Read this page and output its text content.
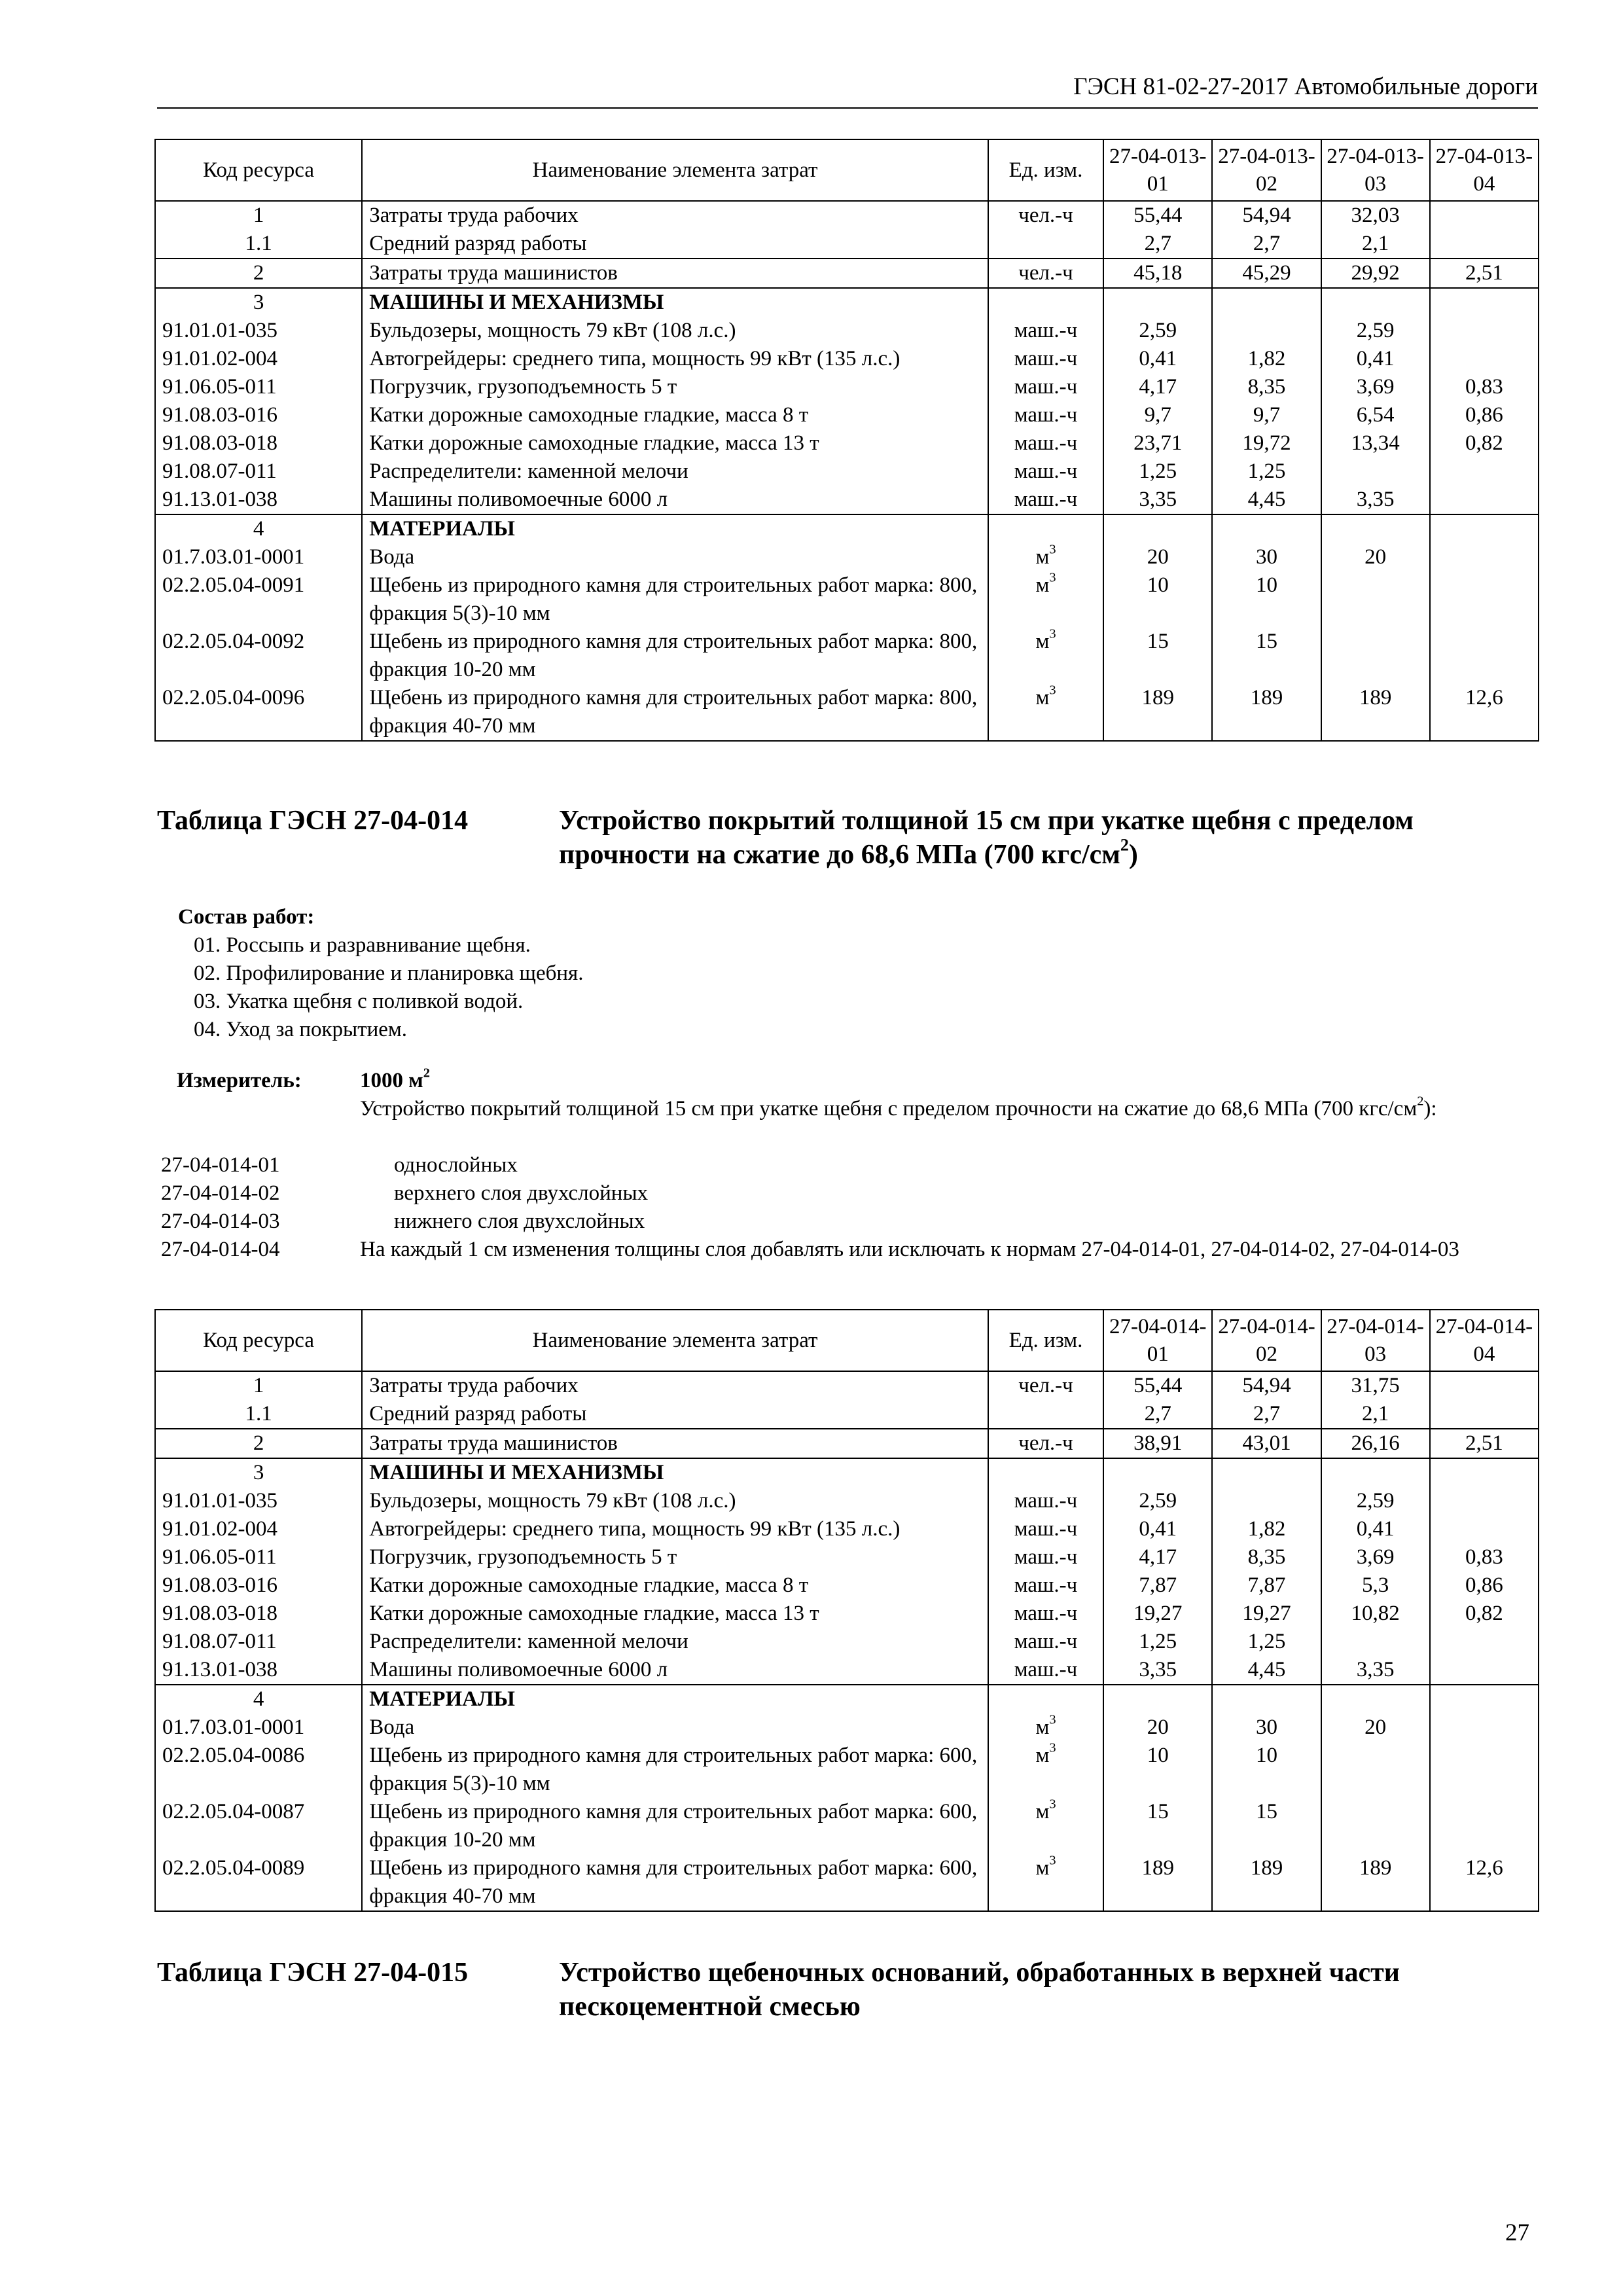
ГЭСН 81-02-27-2017 Автомобильные дороги
Код ресурса	Наименование элемента затрат	Ед. изм.	27-04-013-01	27-04-013-02	27-04-013-03	27-04-013-04
1	Затраты труда рабочих	чел.-ч	55,44	54,94	32,03	
1.1	Средний разряд работы		2,7	2,7	2,1	
2	Затраты труда машинистов	чел.-ч	45,18	45,29	29,92	2,51
3	МАШИНЫ И МЕХАНИЗМЫ					
91.01.01-035	Бульдозеры, мощность 79 кВт (108 л.с.)	маш.-ч	2,59		2,59	
91.01.02-004	Автогрейдеры: среднего типа, мощность 99 кВт (135 л.с.)	маш.-ч	0,41	1,82	0,41	
91.06.05-011	Погрузчик, грузоподъемность 5 т	маш.-ч	4,17	8,35	3,69	0,83
91.08.03-016	Катки дорожные самоходные гладкие, масса 8 т	маш.-ч	9,7	9,7	6,54	0,86
91.08.03-018	Катки дорожные самоходные гладкие, масса 13 т	маш.-ч	23,71	19,72	13,34	0,82
91.08.07-011	Распределители: каменной мелочи	маш.-ч	1,25	1,25		
91.13.01-038	Машины поливомоечные 6000 л	маш.-ч	3,35	4,45	3,35	
4	МАТЕРИАЛЫ					
01.7.03.01-0001	Вода	$м^3$	20	30	20	
02.2.05.04-0091	Щебень из природного камня для строительных работ марка: 800, фракция 5(3)-10 мм	$м^3$	10	10		
02.2.05.04-0092	Щебень из природного камня для строительных работ марка: 800, фракция 10-20 мм	$м^3$	15	15		
02.2.05.04-0096	Щебень из природного камня для строительных работ марка: 800, фракция 40-70 мм	$м^3$	189	189	189	12,6
Таблица ГЭСН 27-04-014	Устройство покрытий толщиной 15 см при укатке щебня с пределом прочности на сжатие до 68,6 МПа (700 кгс/$см^2$)
Состав работ:
01. Россыпь и разравнивание щебня.
02. Профилирование и планировка щебня.
03. Укатка щебня с поливкой водой.
04. Уход за покрытием.
Измеритель:	1000 $м^2$
Устройство покрытий толщиной 15 см при укатке щебня с пределом прочности на сжатие до 68,6 МПа (700 кгс/$см^2$):
27-04-014-01	однослойных
27-04-014-02	верхнего слоя двухслойных
27-04-014-03	нижнего слоя двухслойных
27-04-014-04	На каждый 1 см изменения толщины слоя добавлять или исключать к нормам 27-04-014-01, 27-04-014-02, 27-04-014-03
Код ресурса	Наименование элемента затрат	Ед. изм.	27-04-014-01	27-04-014-02	27-04-014-03	27-04-014-04
1	Затраты труда рабочих	чел.-ч	55,44	54,94	31,75	
1.1	Средний разряд работы		2,7	2,7	2,1	
2	Затраты труда машинистов	чел.-ч	38,91	43,01	26,16	2,51
3	МАШИНЫ И МЕХАНИЗМЫ					
91.01.01-035	Бульдозеры, мощность 79 кВт (108 л.с.)	маш.-ч	2,59		2,59	
91.01.02-004	Автогрейдеры: среднего типа, мощность 99 кВт (135 л.с.)	маш.-ч	0,41	1,82	0,41	
91.06.05-011	Погрузчик, грузоподъемность 5 т	маш.-ч	4,17	8,35	3,69	0,83
91.08.03-016	Катки дорожные самоходные гладкие, масса 8 т	маш.-ч	7,87	7,87	5,3	0,86
91.08.03-018	Катки дорожные самоходные гладкие, масса 13 т	маш.-ч	19,27	19,27	10,82	0,82
91.08.07-011	Распределители: каменной мелочи	маш.-ч	1,25	1,25		
91.13.01-038	Машины поливомоечные 6000 л	маш.-ч	3,35	4,45	3,35	
4	МАТЕРИАЛЫ					
01.7.03.01-0001	Вода	$м^3$	20	30	20	
02.2.05.04-0086	Щебень из природного камня для строительных работ марка: 600, фракция 5(3)-10 мм	$м^3$	10	10		
02.2.05.04-0087	Щебень из природного камня для строительных работ марка: 600, фракция 10-20 мм	$м^3$	15	15		
02.2.05.04-0089	Щебень из природного камня для строительных работ марка: 600, фракция 40-70 мм	$м^3$	189	189	189	12,6
Таблица ГЭСН 27-04-015	Устройство щебеночных оснований, обработанных в верхней части пескоцементной смесью
27
